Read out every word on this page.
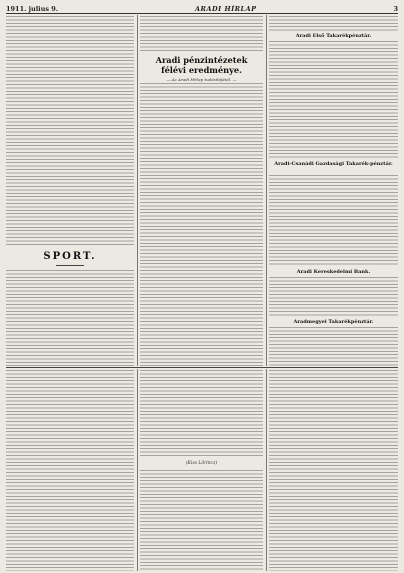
1911. julius 9.	ARADI HÍRLAP	3
SPORT.
Aradi pénzintézetek
félévi eredménye.
— Az Aradi Hírlap tudósítójától. —
Aradi Első Takarékpénztár.
Aradi-Csanádi Gazdasági Takarék-pénztár.
Aradi Kereskedelmi Bank.
Aradmegyei Takarékpénztár.
(Kiss Lőrincz)
